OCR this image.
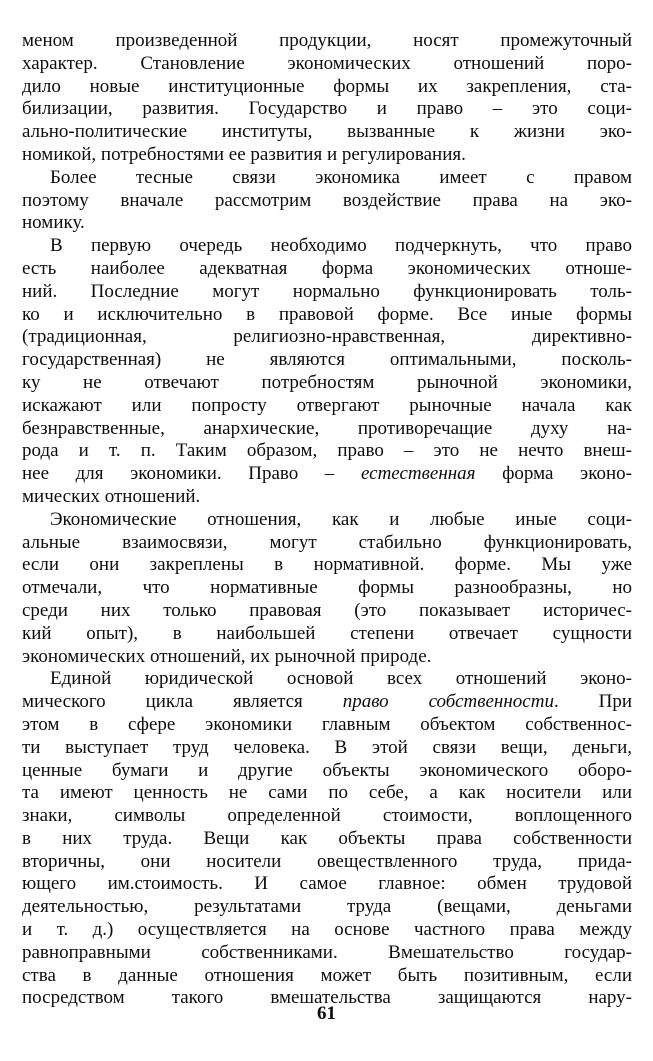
меном произведенной продукции, носят промежуточный
характер. Становление экономических отношений поро-
дило новые институционные формы их закрепления, ста-
билизации, развития. Государство и право – это соци-
ально-политические институты, вызванные к жизни эко-
номикой, потребностями ее развития и регулирования.

Более тесные связи экономика имеет с правом
поэтому вначале рассмотрим воздействие права на эко-
номику.

В первую очередь необходимо подчеркнуть, что право
есть наиболее адекватная форма экономических отноше-
ний. Последние могут нормально функционировать толь-
ко и исключительно в правовой форме. Все иные формы
(традиционная, религиозно-нравственная, директивно-
государственная) не являются оптимальными, посколь-
ку не отвечают потребностям рыночной экономики,
искажают или попросту отвергают рыночные начала как
безнравственные, анархические, противоречащие духу на-
рода и т. п. Таким образом, право – это не нечто внеш-
нее для экономики. Право – естественная форма эконо-
мических отношений.

Экономические отношения, как и любые иные соци-
альные взаимосвязи, могут стабильно функционировать,
если они закреплены в нормативной. форме. Мы уже
отмечали, что нормативные формы разнообразны, но
среди них только правовая (это показывает историчес-
кий опыт), в наибольшей степени отвечает сущности
экономических отношений, их рыночной природе.

Единой юридической основой всех отношений эконо-
мического цикла является право собственности. При
этом в сфере экономики главным объектом собственнос-
ти выступает труд человека. В этой связи вещи, деньги,
ценные бумаги и другие объекты экономического оборо-
та имеют ценность не сами по себе, а как носители или
знаки, символы определенной стоимости, воплощенного
в них труда. Вещи как объекты права собственности
вторичны, они носители овеществленного труда, прида-
ющего им.стоимость. И самое главное: обмен трудовой
деятельностью, результатами труда (вещами, деньгами
и т. д.) осуществляется на основе частного права между
равноправными собственниками. Вмешательство государ-
ства в данные отношения может быть позитивным, если
посредством такого вмешательства защищаются нару-

61
